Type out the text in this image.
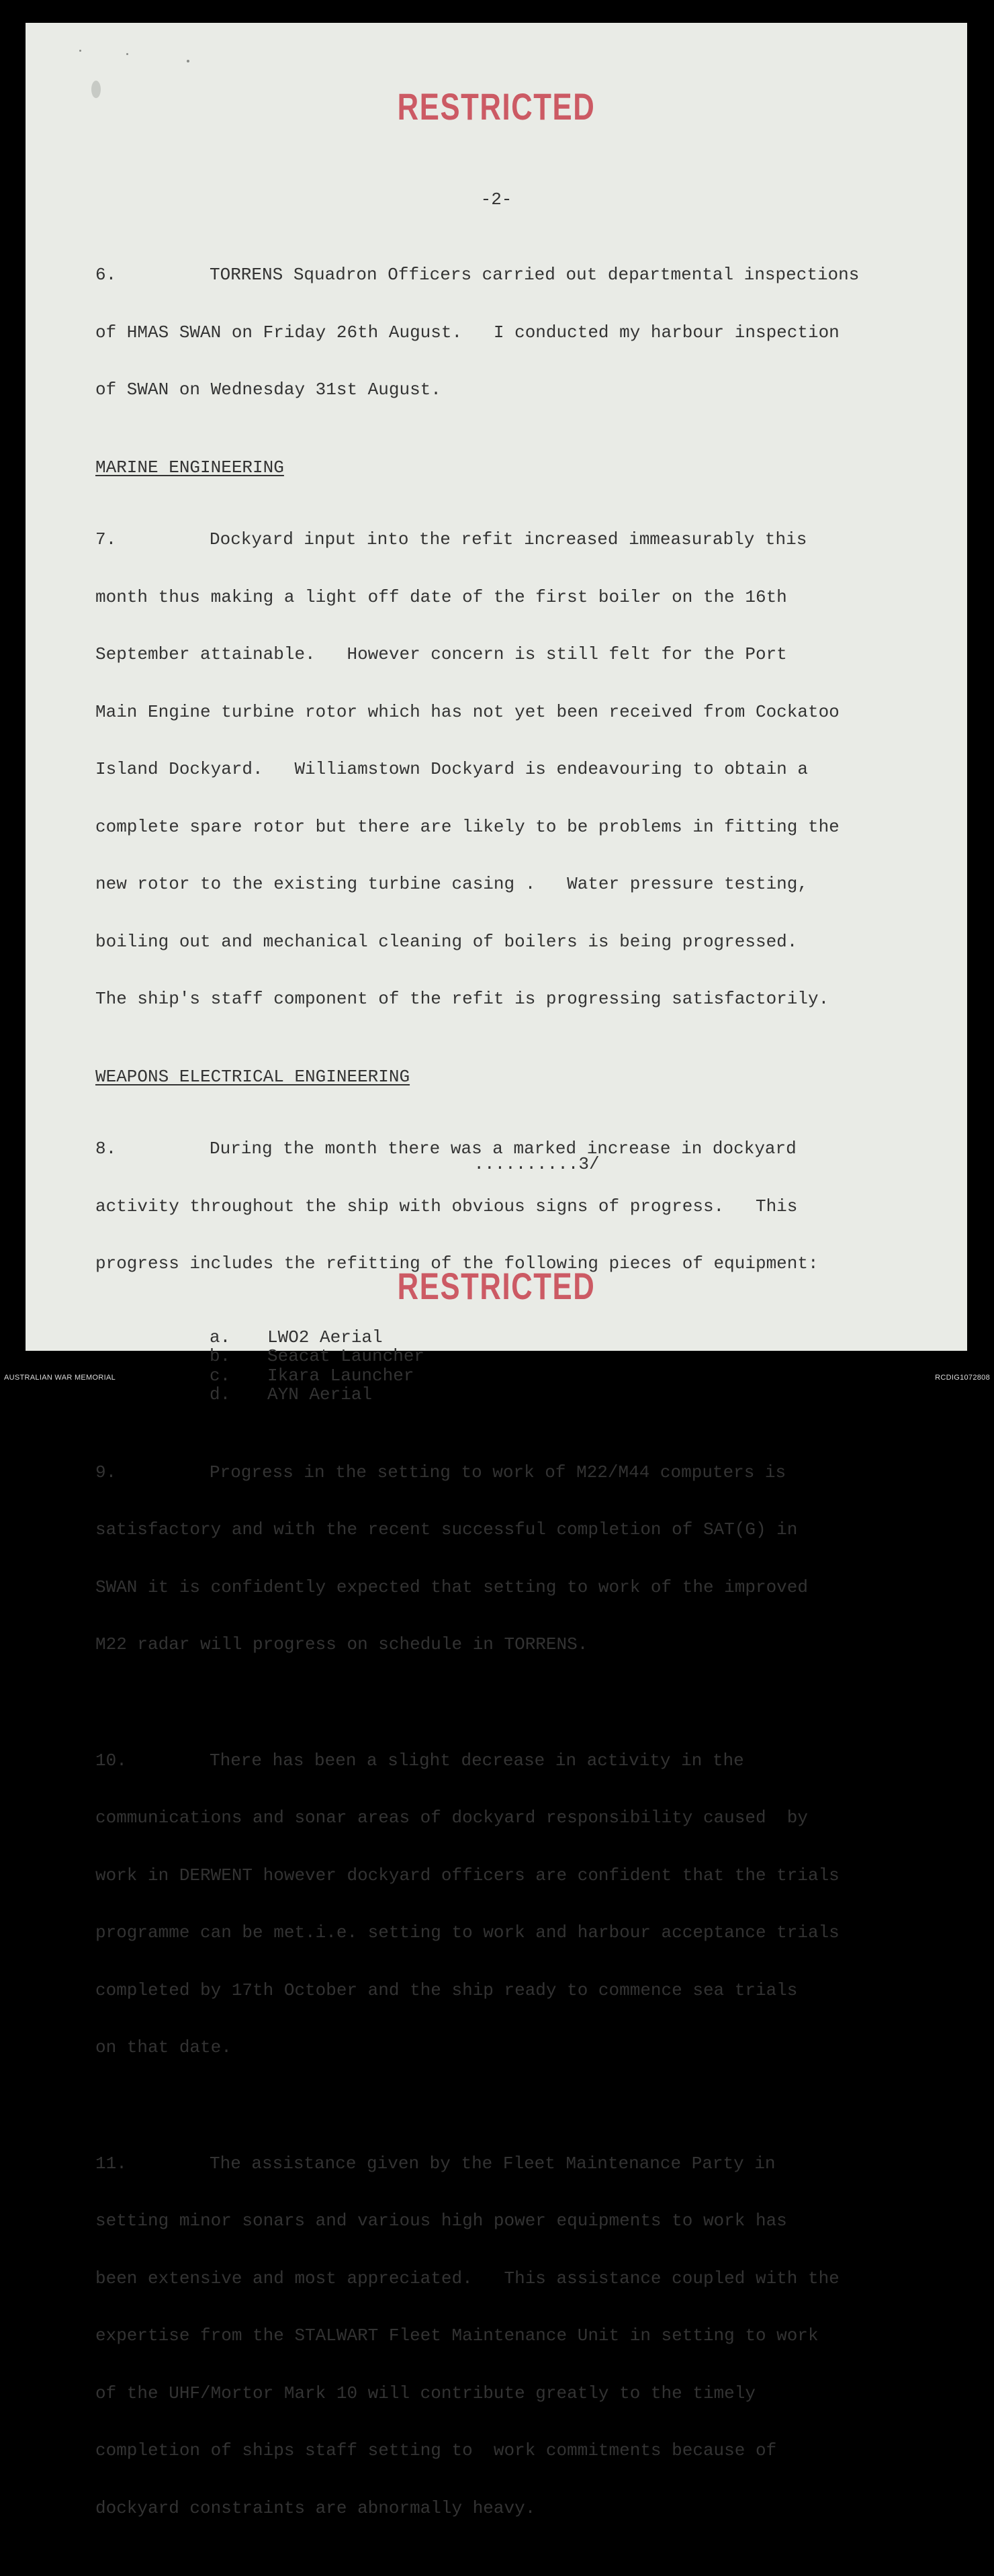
RESTRICTED
-2-

6.	TORRENS Squadron Officers carried out departmental inspections

of HMAS SWAN on Friday 26th August.   I conducted my harbour inspection

of SWAN on Wednesday 31st August.

MARINE ENGINEERING

7.	Dockyard input into the refit increased immeasurably this

month thus making a light off date of the first boiler on the 16th

September attainable.   However concern is still felt for the Port

Main Engine turbine rotor which has not yet been received from Cockatoo

Island Dockyard.   Williamstown Dockyard is endeavouring to obtain a

complete spare rotor but there are likely to be problems in fitting the

new rotor to the existing turbine casing .   Water pressure testing,

boiling out and mechanical cleaning of boilers is being progressed.

The ship's staff component of the refit is progressing satisfactorily.

WEAPONS ELECTRICAL ENGINEERING

8.	During the month there was a marked increase in dockyard

activity throughout the ship with obvious signs of progress.   This

progress includes the refitting of the following pieces of equipment:

a. LWO2 Aerial
b. Seacat Launcher
c. Ikara Launcher
d. AYN Aerial

9.	Progress in the setting to work of M22/M44 computers is

satisfactory and with the recent successful completion of SAT(G) in

SWAN it is confidently expected that setting to work of the improved

M22 radar will progress on schedule in TORRENS.

10.	There has been a slight decrease in activity in the

communications and sonar areas of dockyard responsibility caused  by

work in DERWENT however dockyard officers are confident that the trials

programme can be met.i.e. setting to work and harbour acceptance trials

completed by 17th October and the ship ready to commence sea trials

on that date.

11.	The assistance given by the Fleet Maintenance Party in

setting minor sonars and various high power equipments to work has

been extensive and most appreciated.   This assistance coupled with the

expertise from the STALWART Fleet Maintenance Unit in setting to work

of the UHF/Mortor Mark 10 will contribute greatly to the timely

completion of ships staff setting to  work commitments because of

dockyard constraints are abnormally heavy.

..........3/
RESTRICTED
AUSTRALIAN WAR MEMORIAL	RCDIG1072808
